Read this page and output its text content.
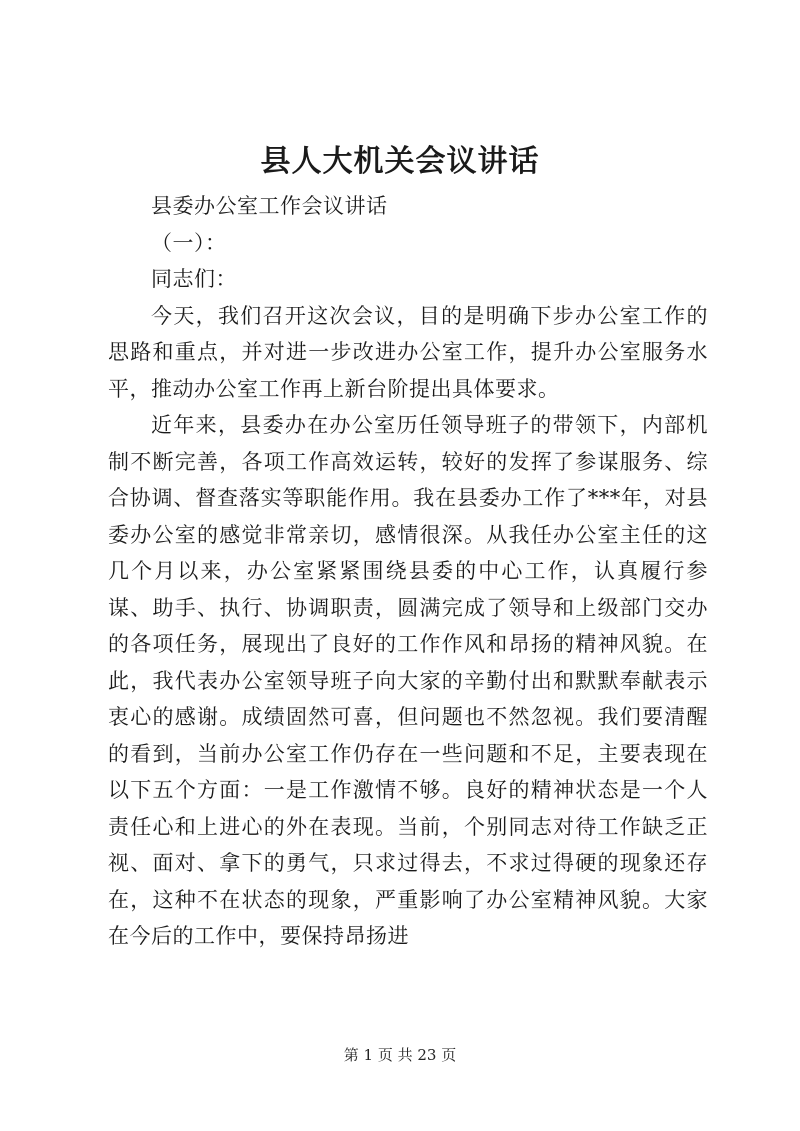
县人大机关会议讲话

县委办公室工作会议讲话

（一）：

同志们：

今天，我们召开这次会议，目的是明确下步办公室工作的思路和重点，并对进一步改进办公室工作，提升办公室服务水平，推动办公室工作再上新台阶提出具体要求。

近年来，县委办在办公室历任领导班子的带领下，内部机制不断完善，各项工作高效运转，较好的发挥了参谋服务、综合协调、督查落实等职能作用。我在县委办工作了***年，对县委办公室的感觉非常亲切，感情很深。从我任办公室主任的这几个月以来，办公室紧紧围绕县委的中心工作，认真履行参谋、助手、执行、协调职责，圆满完成了领导和上级部门交办的各项任务，展现出了良好的工作作风和昂扬的精神风貌。在此，我代表办公室领导班子向大家的辛勤付出和默默奉献表示衷心的感谢。成绩固然可喜，但问题也不然忽视。我们要清醒的看到，当前办公室工作仍存在一些问题和不足，主要表现在以下五个方面：一是工作激情不够。良好的精神状态是一个人责任心和上进心的外在表现。当前，个别同志对待工作缺乏正视、面对、拿下的勇气，只求过得去，不求过得硬的现象还存在，这种不在状态的现象，严重影响了办公室精神风貌。大家在今后的工作中，要保持昂扬进

第 1 页 共 23 页
